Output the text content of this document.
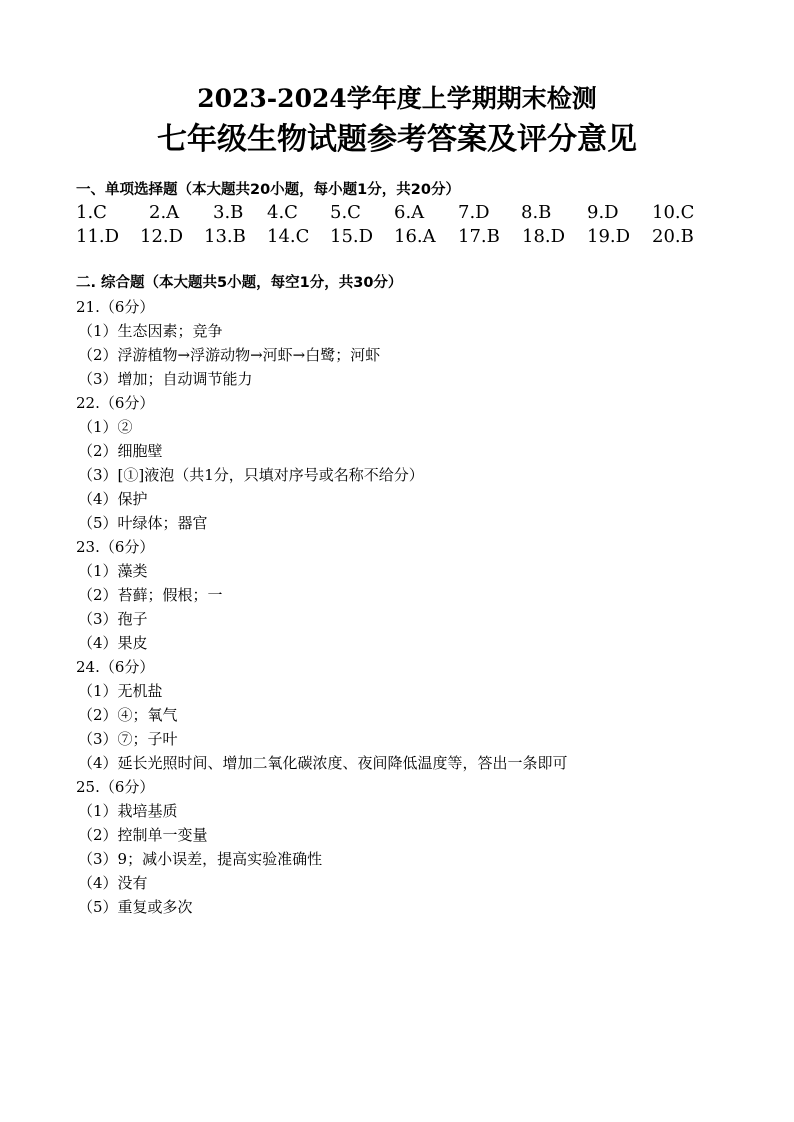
2023-2024学年度上学期期末检测
七年级生物试题参考答案及评分意见
一、单项选择题（本大题共20小题，每小题1分，共20分）
1.C 2.A 3.B 4.C 5.C 6.A 7.D 8.B 9.D 10.C
11.D 12.D 13.B 14.C 15.D 16.A 17.B 18.D 19.D 20.B
二. 综合题（本大题共5小题，每空1分，共30分）
21.（6分）
（1）生态因素；竞争
（2）浮游植物→浮游动物→河虾→白鹭；河虾
（3）增加；自动调节能力
22.（6分）
（1）②
（2）细胞壁
（3）[①]液泡（共1分，只填对序号或名称不给分）
（4）保护
（5）叶绿体；器官
23.（6分）
（1）藻类
（2）苔藓；假根；一
（3）孢子
（4）果皮
24.（6分）
（1）无机盐
（2）④；氧气
（3）⑦；子叶
（4）延长光照时间、增加二氧化碳浓度、夜间降低温度等，答出一条即可
25.（6分）
（1）栽培基质
（2）控制单一变量
（3）9；减小误差，提高实验准确性
（4）没有
（5）重复或多次
